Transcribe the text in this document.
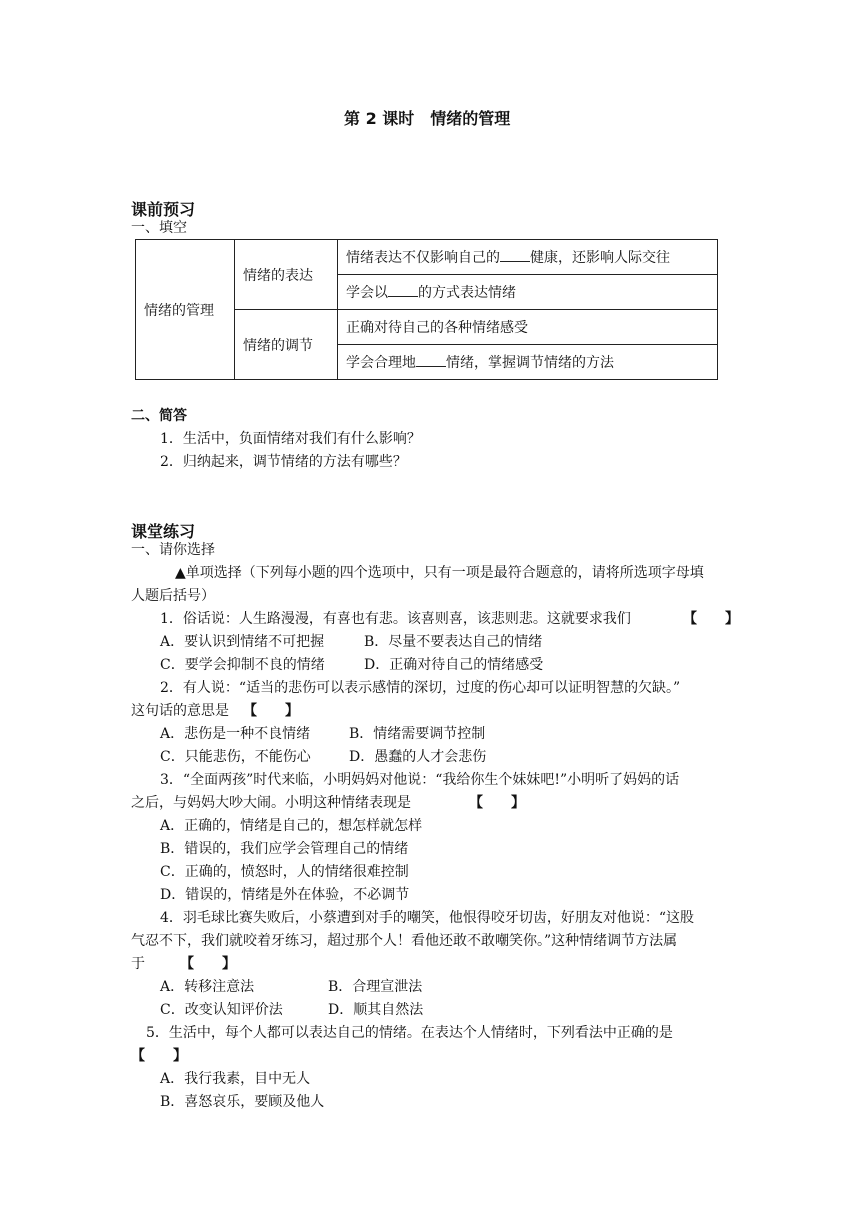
第 2 课时　情绪的管理
课前预习
一、填空
情绪的管理	情绪的表达	情绪表达不仅影响自己的 健康，还影响人际交往
		学会以 的方式表达情绪
	情绪的调节	正确对待自己的各种情绪感受
		学会合理地 情绪，掌握调节情绪的方法
二、简答
1．生活中，负面情绪对我们有什么影响？
2．归纳起来，调节情绪的方法有哪些？
课堂练习
一、请你选择
▲单项选择（下列每小题的四个选项中，只有一项是最符合题意的，请将所选项字母填
人题后括号）
1．俗话说：人生路漫漫，有喜也有悲。该喜则喜，该悲则悲。这就要求我们	【　　】
A．要认识到情绪不可把握	B．尽量不要表达自己的情绪
C．要学会抑制不良的情绪	D．正确对待自己的情绪感受
2．有人说：“适当的悲伤可以表示感情的深切，过度的伤心却可以证明智慧的欠缺。”
这句话的意思是 【　　】
A．悲伤是一种不良情绪	B．情绪需要调节控制
C．只能悲伤，不能伤心	D．愚蠢的人才会悲伤
3．“全面两孩”时代来临，小明妈妈对他说：“我给你生个妹妹吧!”小明听了妈妈的话
之后，与妈妈大吵大闹。小明这种情绪表现是	【　　】
A．正确的，情绪是自己的，想怎样就怎样
B．错误的，我们应学会管理自己的情绪
C．正确的，愤怒时，人的情绪很难控制
D．错误的，情绪是外在体验，不必调节
4．羽毛球比赛失败后，小蔡遭到对手的嘲笑，他恨得咬牙切齿，好朋友对他说：“这股
气忍不下，我们就咬着牙练习，超过那个人！看他还敢不敢嘲笑你。”这种情绪调节方法属
于	【　　】
A．转移注意法	B．合理宣泄法
C．改变认知评价法	D．顺其自然法
5．生活中，每个人都可以表达自己的情绪。在表达个人情绪时，下列看法中正确的是
【　　】
A．我行我素，目中无人
B．喜怒哀乐，要顾及他人
